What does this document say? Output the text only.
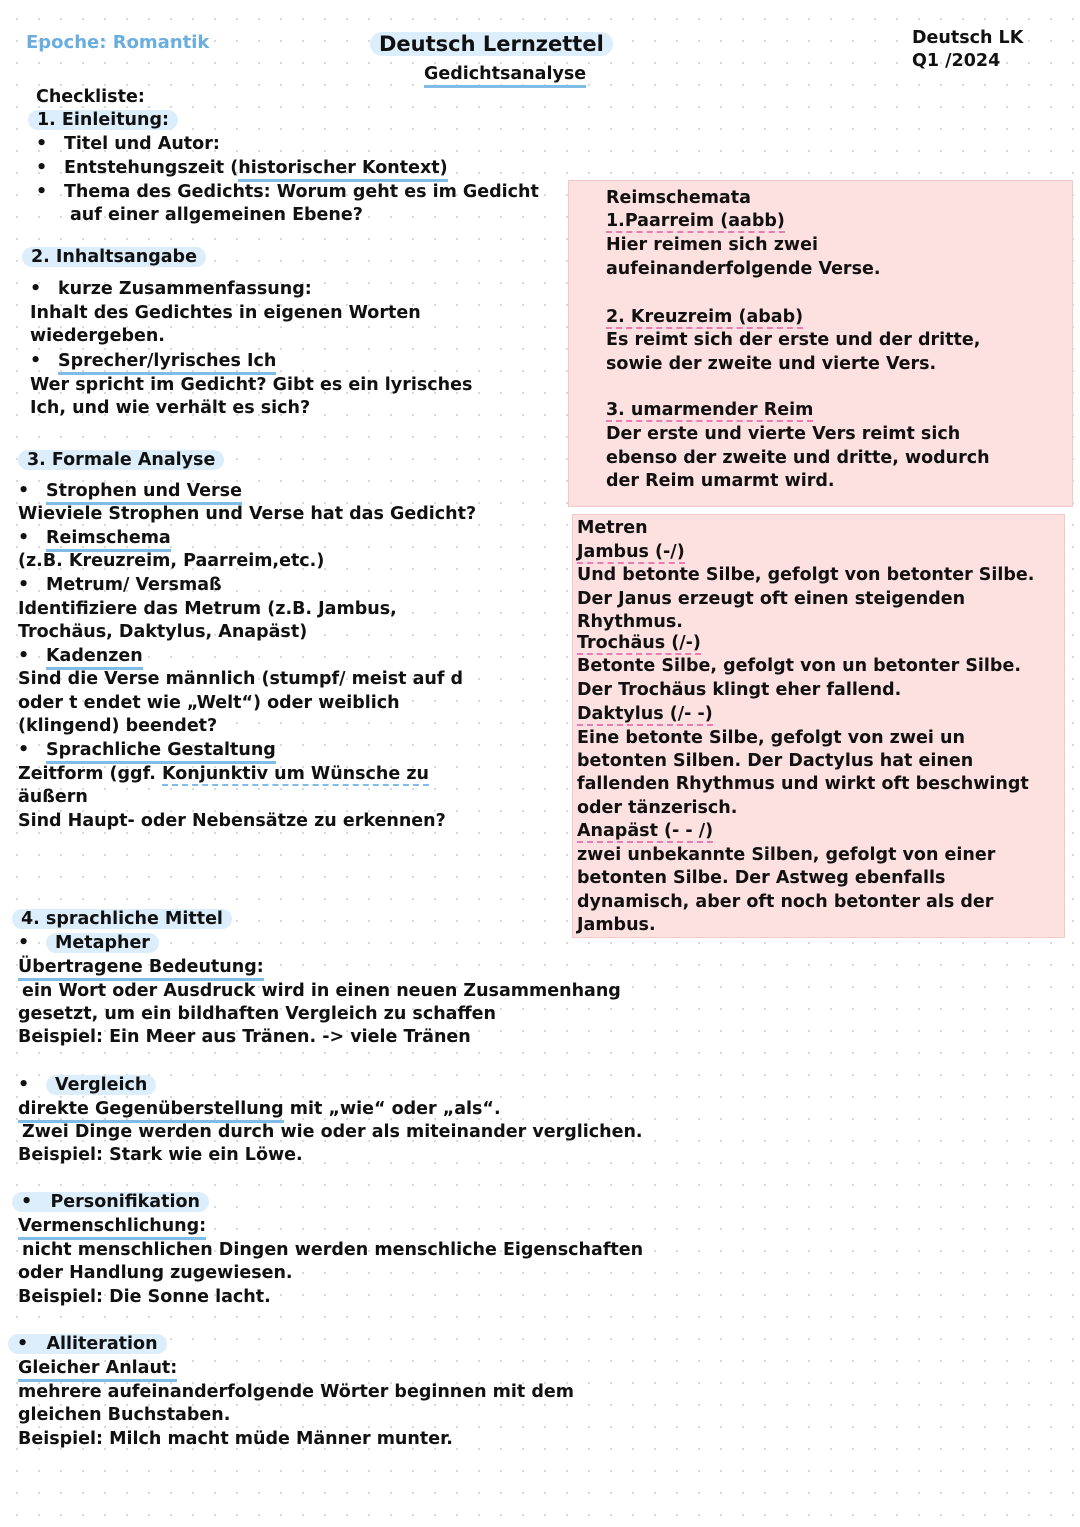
Epoche: Romantik	Deutsch Lernzettel
Gedichtsanalyse
Deutsch LK
Q1 /2024
Checkliste:
1. Einleitung:
• Titel und Autor:
• Entstehungszeit (historischer Kontext)
• Thema des Gedichts: Worum geht es im Gedicht
auf einer allgemeinen Ebene?
2. Inhaltsangabe
• kurze Zusammenfassung:
Inhalt des Gedichtes in eigenen Worten
wiedergeben.
• Sprecher/lyrisches Ich
Wer spricht im Gedicht? Gibt es ein lyrisches
Ich, und wie verhält es sich?
3. Formale Analyse
• Strophen und Verse
Wieviele Strophen und Verse hat das Gedicht?
• Reimschema
(z.B. Kreuzreim, Paarreim,etc.)
• Metrum/ Versmaß
Identifiziere das Metrum (z.B. Jambus,
Trochäus, Daktylus, Anapäst)
• Kadenzen
Sind die Verse männlich (stumpf/ meist auf d
oder t endet wie „Welt“) oder weiblich
(klingend) beendet?
• Sprachliche Gestaltung
Zeitform (ggf. Konjunktiv um Wünsche zu
äußern
Sind Haupt- oder Nebensätze zu erkennen?
Reimschemata
1.Paarreim (aabb)
Hier reimen sich zwei
aufeinanderfolgende Verse.
2. Kreuzreim (abab)
Es reimt sich der erste und der dritte,
sowie der zweite und vierte Vers.
3. umarmender Reim
Der erste und vierte Vers reimt sich
ebenso der zweite und dritte, wodurch
der Reim umarmt wird.
Metren
Jambus (-/)
Und betonte Silbe, gefolgt von betonter Silbe.
Der Janus erzeugt oft einen steigenden
Rhythmus.
Trochäus (/-)
Betonte Silbe, gefolgt von un betonter Silbe.
Der Trochäus klingt eher fallend.
Daktylus (/- -)
Eine betonte Silbe, gefolgt von zwei un
betonten Silben. Der Dactylus hat einen
fallenden Rhythmus und wirkt oft beschwingt
oder tänzerisch.
Anapäst (- - /)
zwei unbekannte Silben, gefolgt von einer
betonten Silbe. Der Astweg ebenfalls
dynamisch, aber oft noch betonter als der
Jambus.
4. sprachliche Mittel
• Metapher
Übertragene Bedeutung:
ein Wort oder Ausdruck wird in einen neuen Zusammenhang
gesetzt, um ein bildhaften Vergleich zu schaffen
Beispiel: Ein Meer aus Tränen. -> viele Tränen
• Vergleich
direkte Gegenüberstellung mit „wie“ oder „als“.
Zwei Dinge werden durch wie oder als miteinander verglichen.
Beispiel: Stark wie ein Löwe.
•   Personifikation
Vermenschlichung:
nicht menschlichen Dingen werden menschliche Eigenschaften
oder Handlung zugewiesen.
Beispiel: Die Sonne lacht.
•   Alliteration
Gleicher Anlaut:
mehrere aufeinanderfolgende Wörter beginnen mit dem
gleichen Buchstaben.
Beispiel: Milch macht müde Männer munter.
